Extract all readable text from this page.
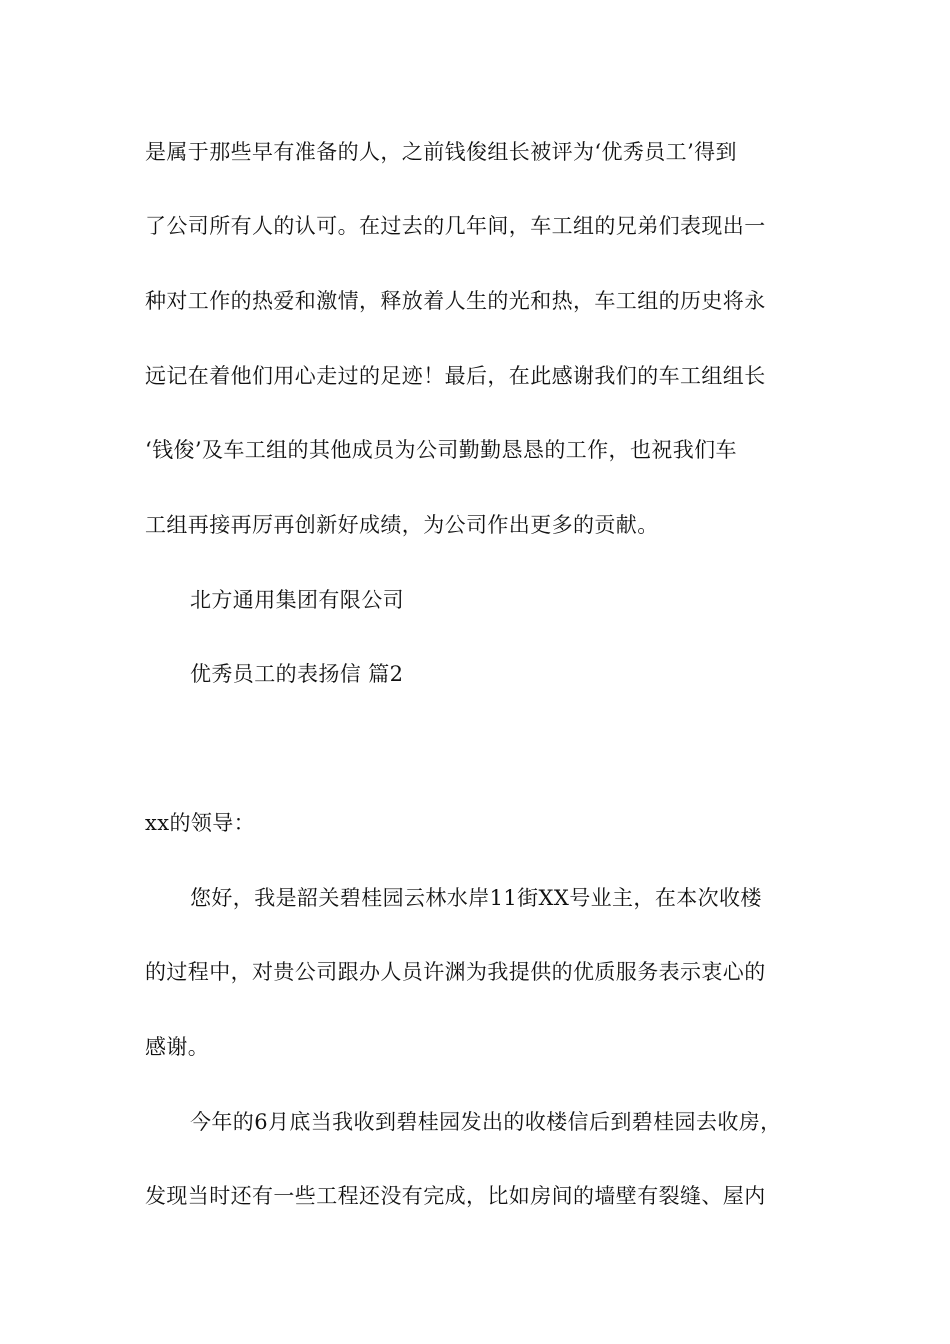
是属于那些早有准备的人，之前钱俊组长被评为‘优秀员工’得到
了公司所有人的认可。在过去的几年间，车工组的兄弟们表现出一
种对工作的热爱和激情，释放着人生的光和热，车工组的历史将永
远记在着他们用心走过的足迹！最后，在此感谢我们的车工组组长
‘钱俊’及车工组的其他成员为公司勤勤恳恳的工作，也祝我们车
工组再接再厉再创新好成绩，为公司作出更多的贡献。
北方通用集团有限公司
优秀员工的表扬信 篇2
xx的领导：
您好，我是韶关碧桂园云林水岸11街XX号业主，在本次收楼
的过程中，对贵公司跟办人员许渊为我提供的优质服务表示衷心的
感谢。
今年的6月底当我收到碧桂园发出的收楼信后到碧桂园去收房，
发现当时还有一些工程还没有完成，比如房间的墙壁有裂缝、屋内
